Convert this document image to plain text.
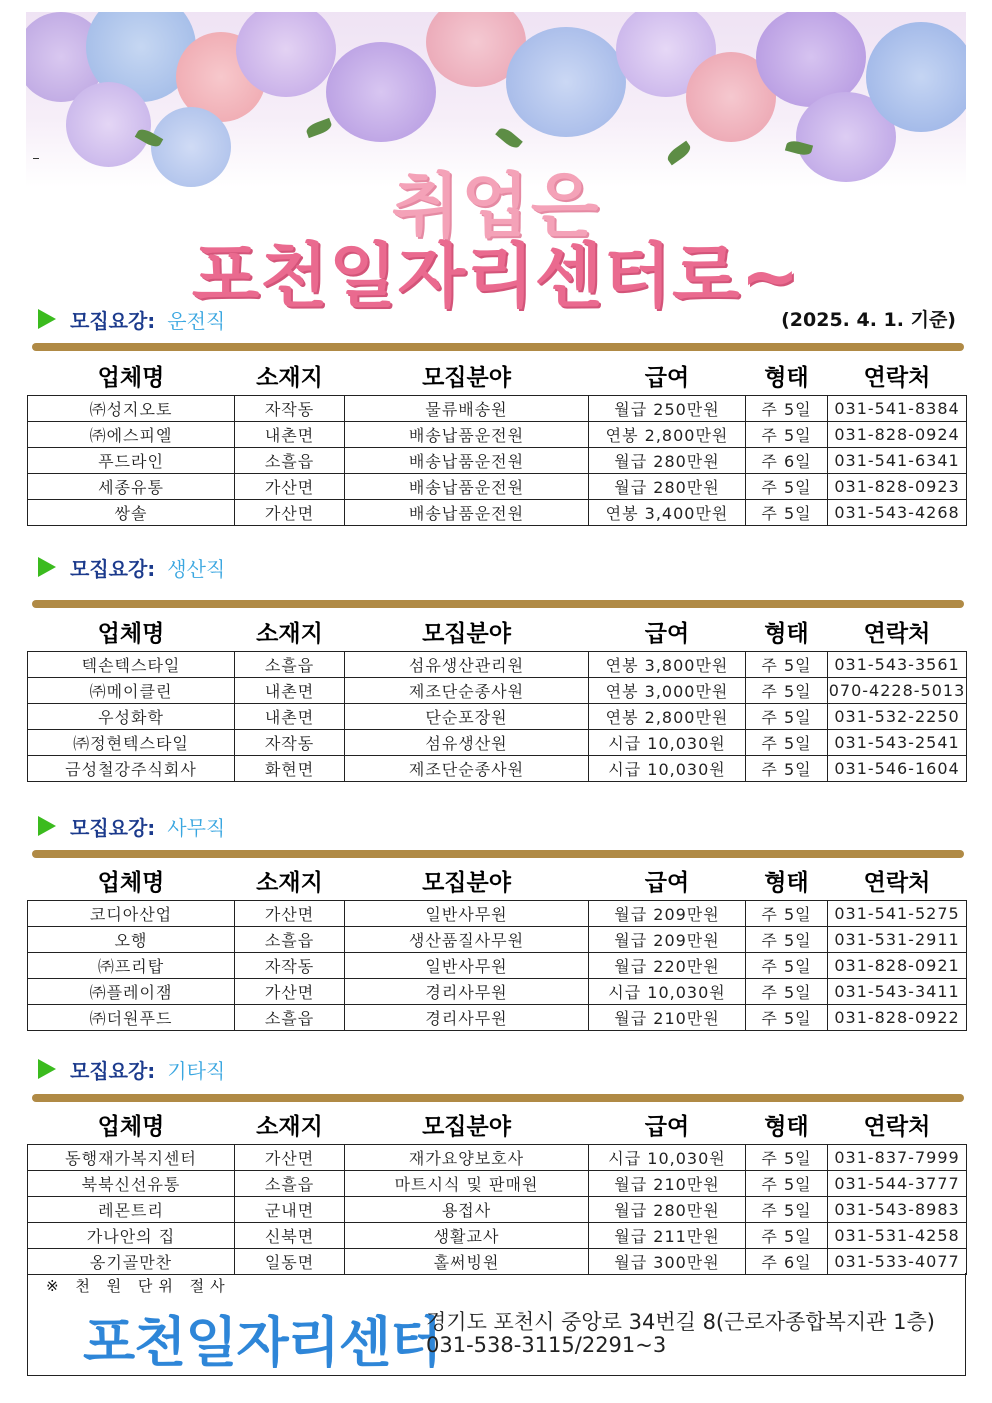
취업은
포천일자리센터로~
(2025. 4. 1. 기준)
모집요강: 운전직
업체명	소재지	모집분야	급여	형태	연락처
㈜성지오토	자작동	물류배송원	월급 250만원	주 5일	031-541-8384
㈜에스피엘	내촌면	배송납품운전원	연봉 2,800만원	주 5일	031-828-0924
푸드라인	소흘읍	배송납품운전원	월급 280만원	주 6일	031-541-6341
세종유통	가산면	배송납품운전원	월급 280만원	주 5일	031-828-0923
쌍솔	가산면	배송납품운전원	연봉 3,400만원	주 5일	031-543-4268
모집요강: 생산직
업체명	소재지	모집분야	급여	형태	연락처
텍손텍스타일	소흘읍	섬유생산관리원	연봉 3,800만원	주 5일	031-543-3561
㈜메이클린	내촌면	제조단순종사원	연봉 3,000만원	주 5일	070-4228-5013
우성화학	내촌면	단순포장원	연봉 2,800만원	주 5일	031-532-2250
㈜정현텍스타일	자작동	섬유생산원	시급 10,030원	주 5일	031-543-2541
금성철강주식회사	화현면	제조단순종사원	시급 10,030원	주 5일	031-546-1604
모집요강: 사무직
업체명	소재지	모집분야	급여	형태	연락처
코디아산업	가산면	일반사무원	월급 209만원	주 5일	031-541-5275
오행	소흘읍	생산품질사무원	월급 209만원	주 5일	031-531-2911
㈜프리탑	자작동	일반사무원	월급 220만원	주 5일	031-828-0921
㈜플레이잼	가산면	경리사무원	시급 10,030원	주 5일	031-543-3411
㈜더원푸드	소흘읍	경리사무원	월급 210만원	주 5일	031-828-0922
모집요강: 기타직
업체명	소재지	모집분야	급여	형태	연락처
동행재가복지센터	가산면	재가요양보호사	시급 10,030원	주 5일	031-837-7999
북북신선유통	소흘읍	마트시식 및 판매원	월급 210만원	주 5일	031-544-3777
레몬트리	군내면	용접사	월급 280만원	주 5일	031-543-8983
가나안의 집	신북면	생활교사	월급 211만원	주 5일	031-531-4258
옹기골만찬	일동면	홀써빙원	월급 300만원	주 6일	031-533-4077
※ 천 원 단위 절사
포천일자리센터
경기도 포천시 중앙로 34번길 8(근로자종합복지관 1층)
031-538-3115/2291~3
